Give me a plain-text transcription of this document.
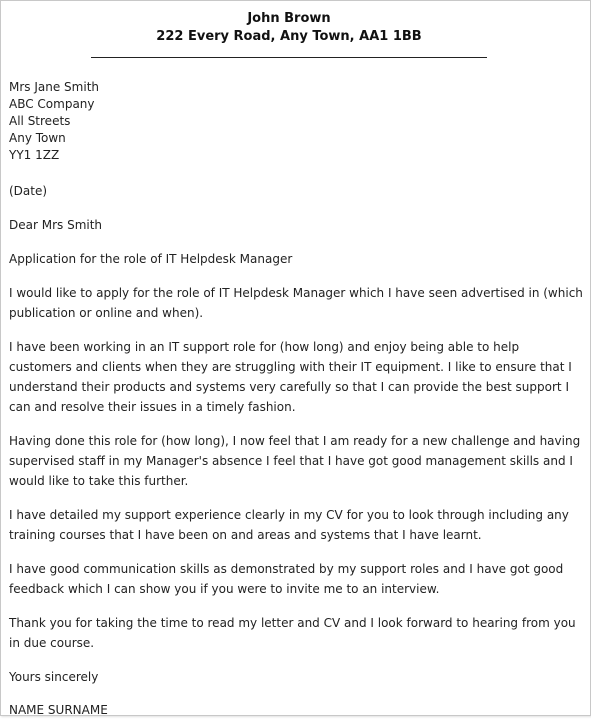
John Brown
222 Every Road, Any Town, AA1 1BB
Mrs Jane Smith
ABC Company
All Streets
Any Town
YY1 1ZZ

(Date)

Dear Mrs Smith

Application for the role of IT Helpdesk Manager

I would like to apply for the role of IT Helpdesk Manager which I have seen advertised in (which publication or online and when).

I have been working in an IT support role for (how long) and enjoy being able to help customers and clients when they are struggling with their IT equipment. I like to ensure that I understand their products and systems very carefully so that I can provide the best support I can and resolve their issues in a timely fashion.

Having done this role for (how long), I now feel that I am ready for a new challenge and having supervised staff in my Manager's absence I feel that I have got good management skills and I would like to take this further.

I have detailed my support experience clearly in my CV for you to look through including any training courses that I have been on and areas and systems that I have learnt.

I have good communication skills as demonstrated by my support roles and I have got good feedback which I can show you if you were to invite me to an interview.

Thank you for taking the time to read my letter and CV and I look forward to hearing from you in due course.

Yours sincerely

NAME SURNAME
